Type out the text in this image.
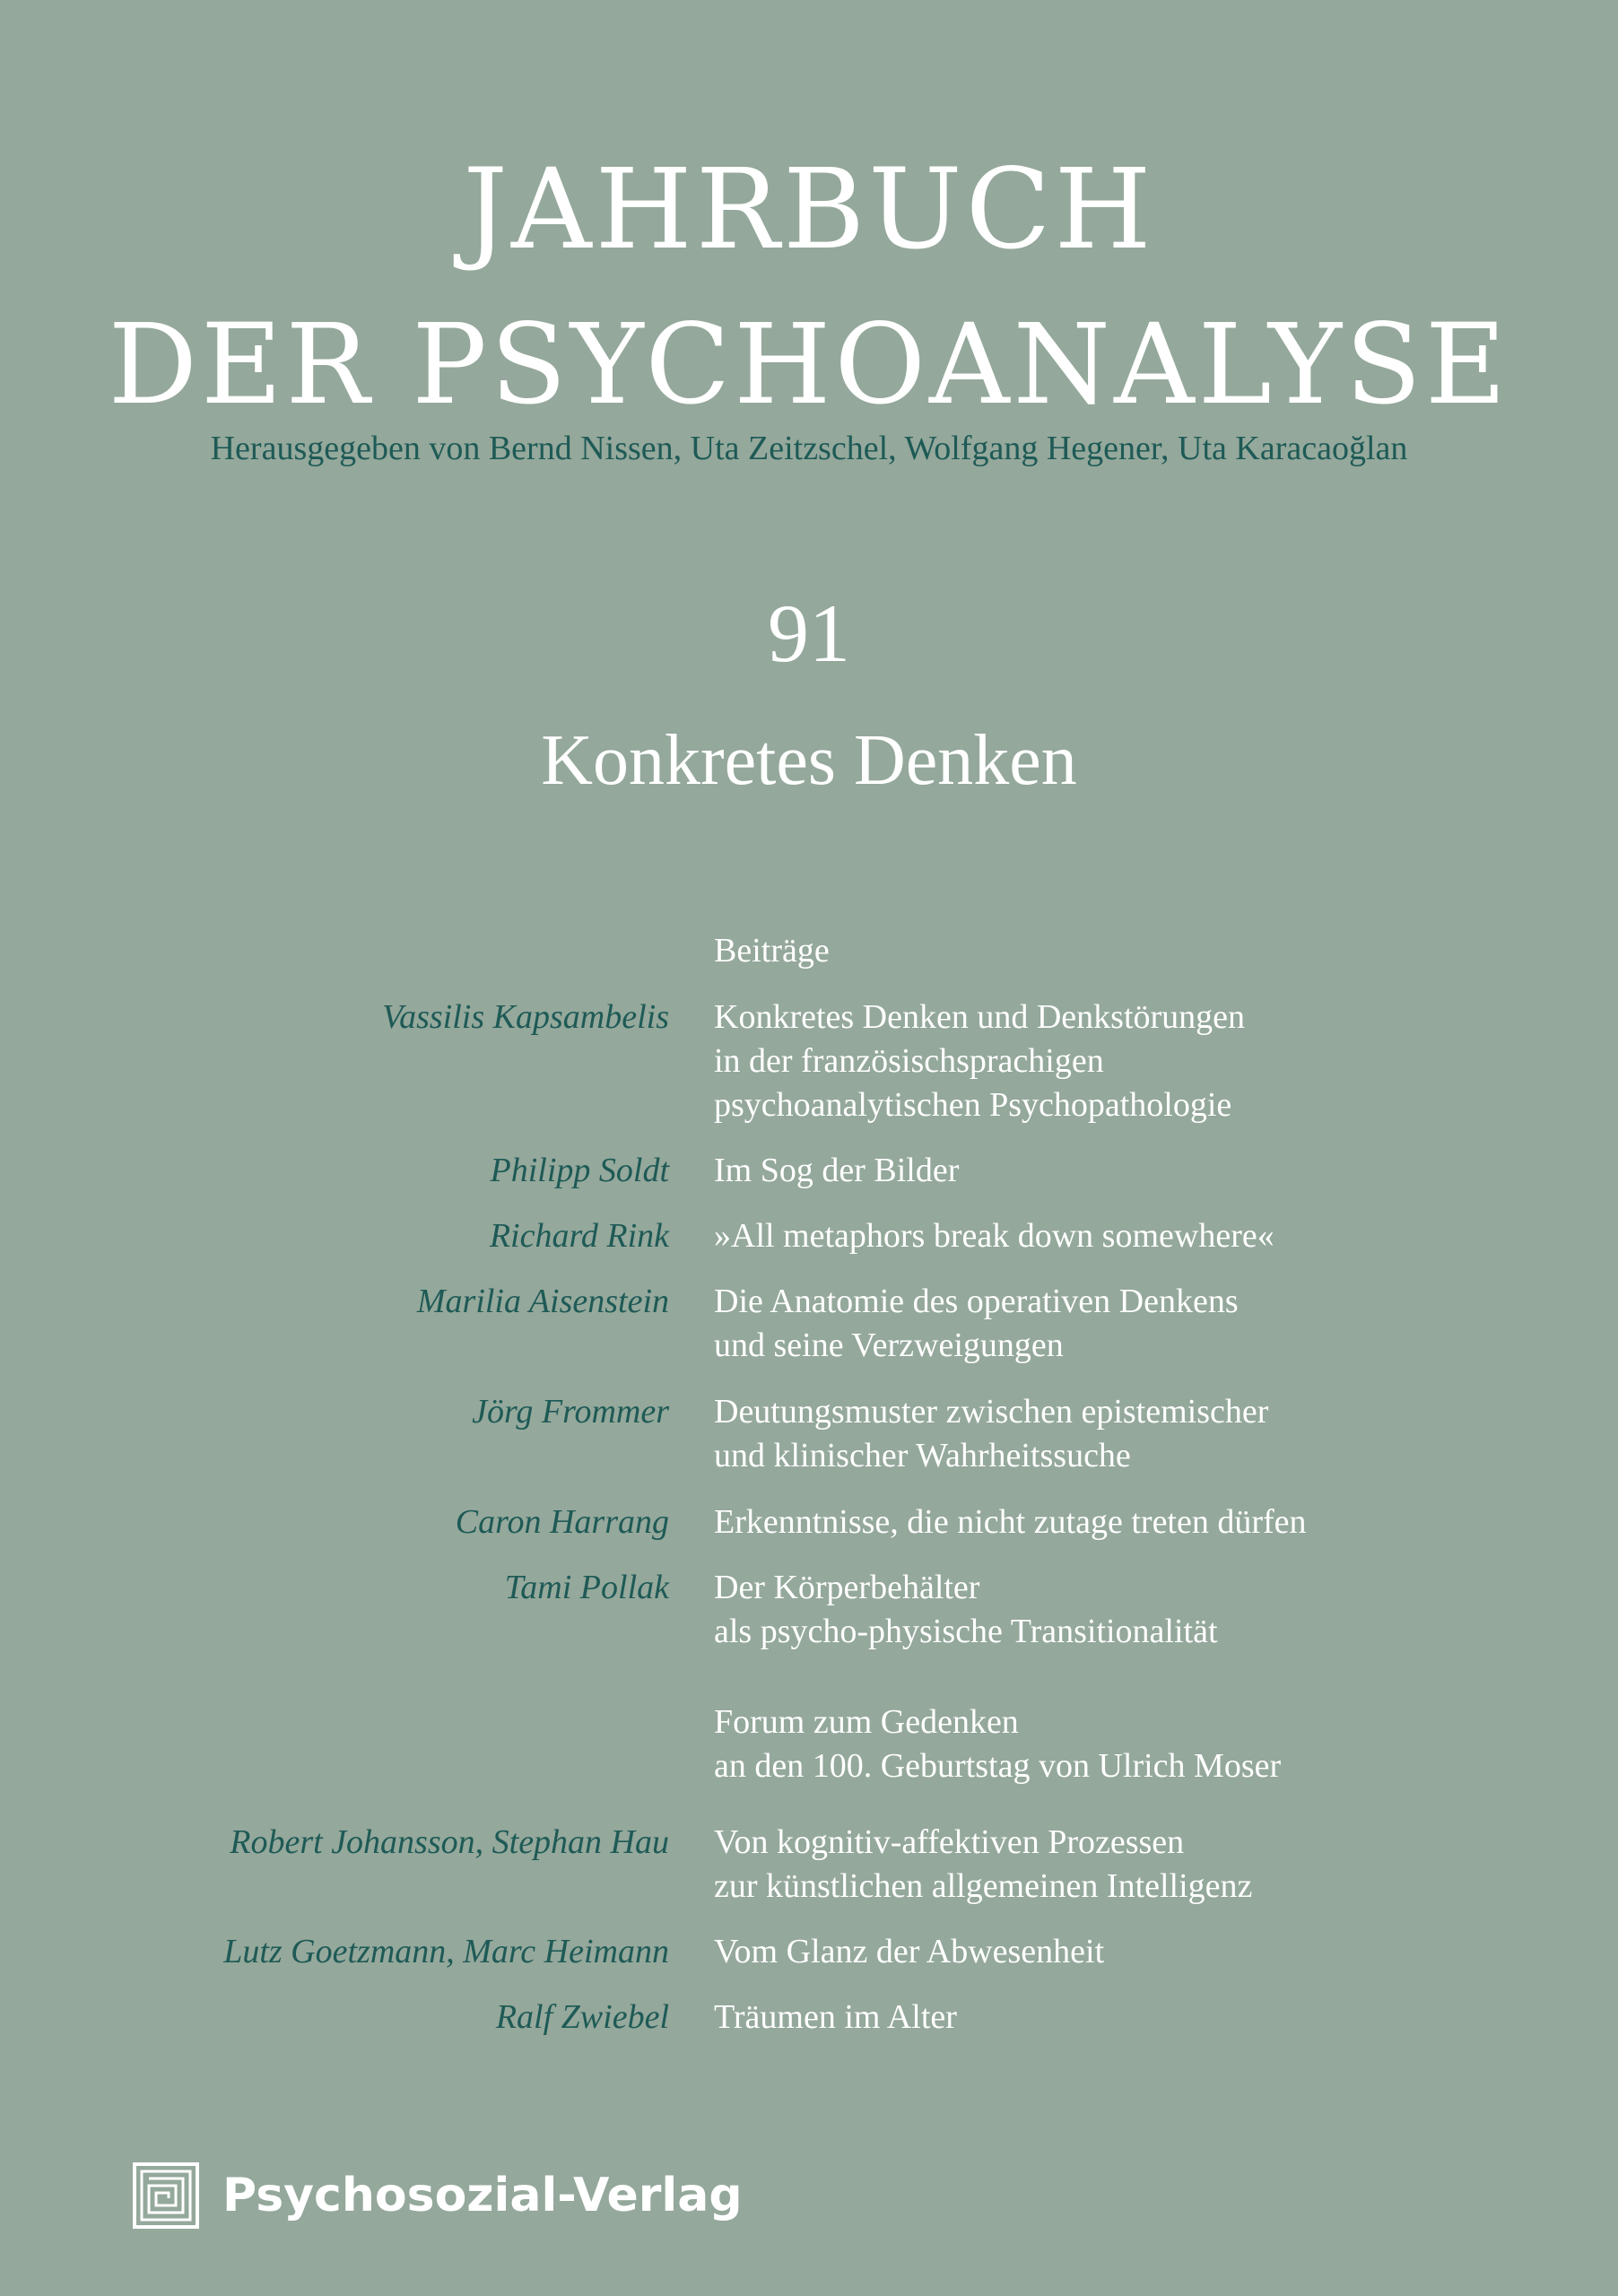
JAHRBUCH
DER PSYCHOANALYSE
Herausgegeben von Bernd Nissen, Uta Zeitzschel, Wolfgang Hegener, Uta Karacaoğlan
91
Konkretes Denken
Beiträge
Vassilis Kapsambelis Konkretes Denken und Denkstörungen
in der französischsprachigen
psychoanalytischen Psychopathologie
Philipp Soldt Im Sog der Bilder
Richard Rink »All metaphors break down somewhere«
Marilia Aisenstein Die Anatomie des operativen Denkens
und seine Verzweigungen
Jörg Frommer Deutungsmuster zwischen epistemischer
und klinischer Wahrheitssuche
Caron Harrang Erkenntnisse, die nicht zutage treten dürfen
Tami Pollak Der Körperbehälter
als psycho-physische Transitionalität
Forum zum Gedenken
an den 100. Geburtstag von Ulrich Moser
Robert Johansson, Stephan Hau Von kognitiv-affektiven Prozessen
zur künstlichen allgemeinen Intelligenz
Lutz Goetzmann, Marc Heimann Vom Glanz der Abwesenheit
Ralf Zwiebel Träumen im Alter
Psychosozial-Verlag
